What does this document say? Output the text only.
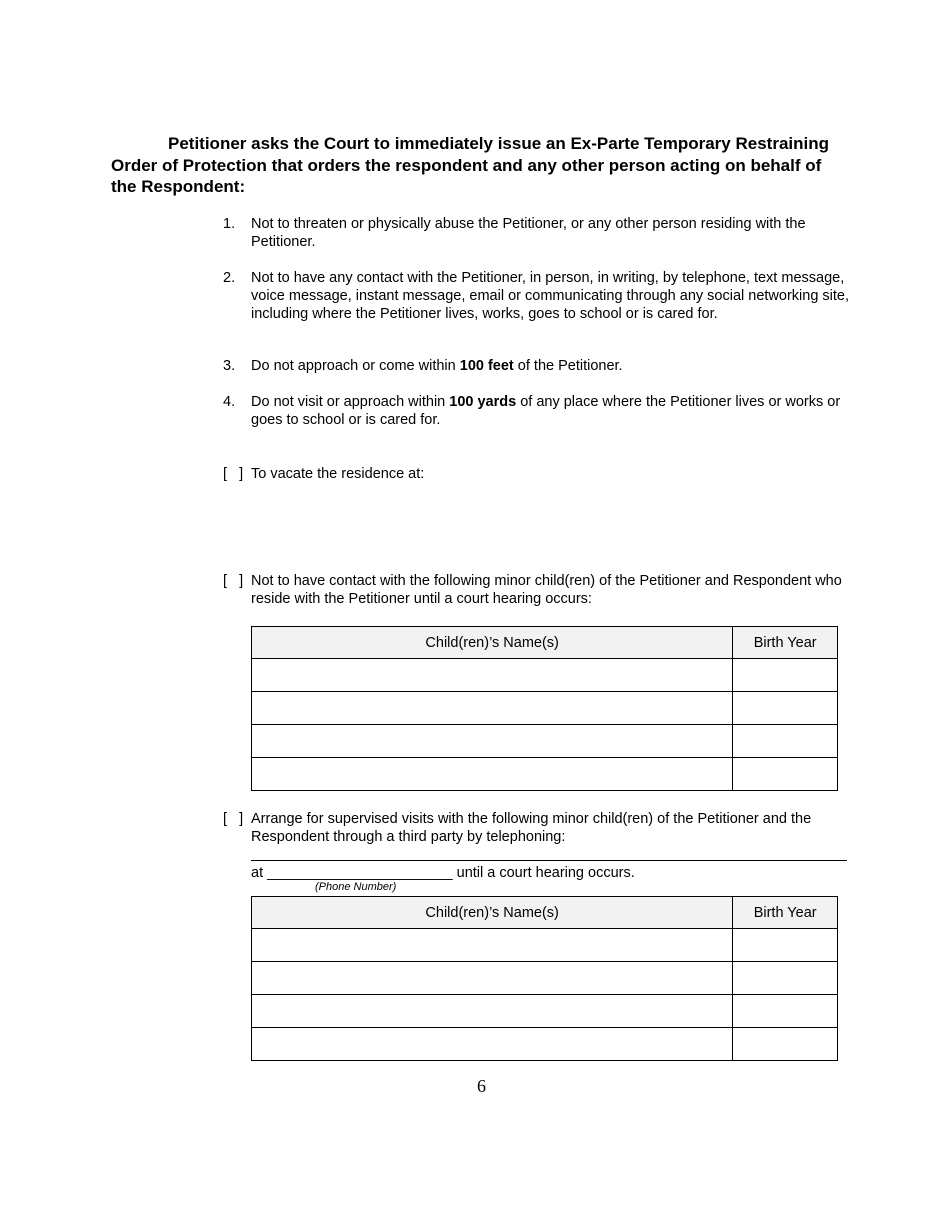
Petitioner asks the Court to immediately issue an Ex-Parte Temporary Restraining Order of Protection that orders the respondent and any other person acting on behalf of the Respondent:
1. Not to threaten or physically abuse the Petitioner, or any other person residing with the Petitioner.
2. Not to have any contact with the Petitioner, in person, in writing, by telephone, text message, voice message, instant message, email or communicating through any social networking site, including where the Petitioner lives, works, goes to school or is cared for.
3. Do not approach or come within 100 feet of the Petitioner.
4. Do not visit or approach within 100 yards of any place where the Petitioner lives or works or goes to school or is cared for.
[   ] To vacate the residence at:
[   ] Not to have contact with the following minor child(ren) of the Petitioner and Respondent who reside with the Petitioner until a court hearing occurs:
Child(ren)’s Name(s)	Birth Year

[   ] Arrange for supervised visits with the following minor child(ren) of the Petitioner and the Respondent through a third party by telephoning:
at _______________________ until a court hearing occurs.
(Phone Number)
Child(ren)’s Name(s)	Birth Year

6
